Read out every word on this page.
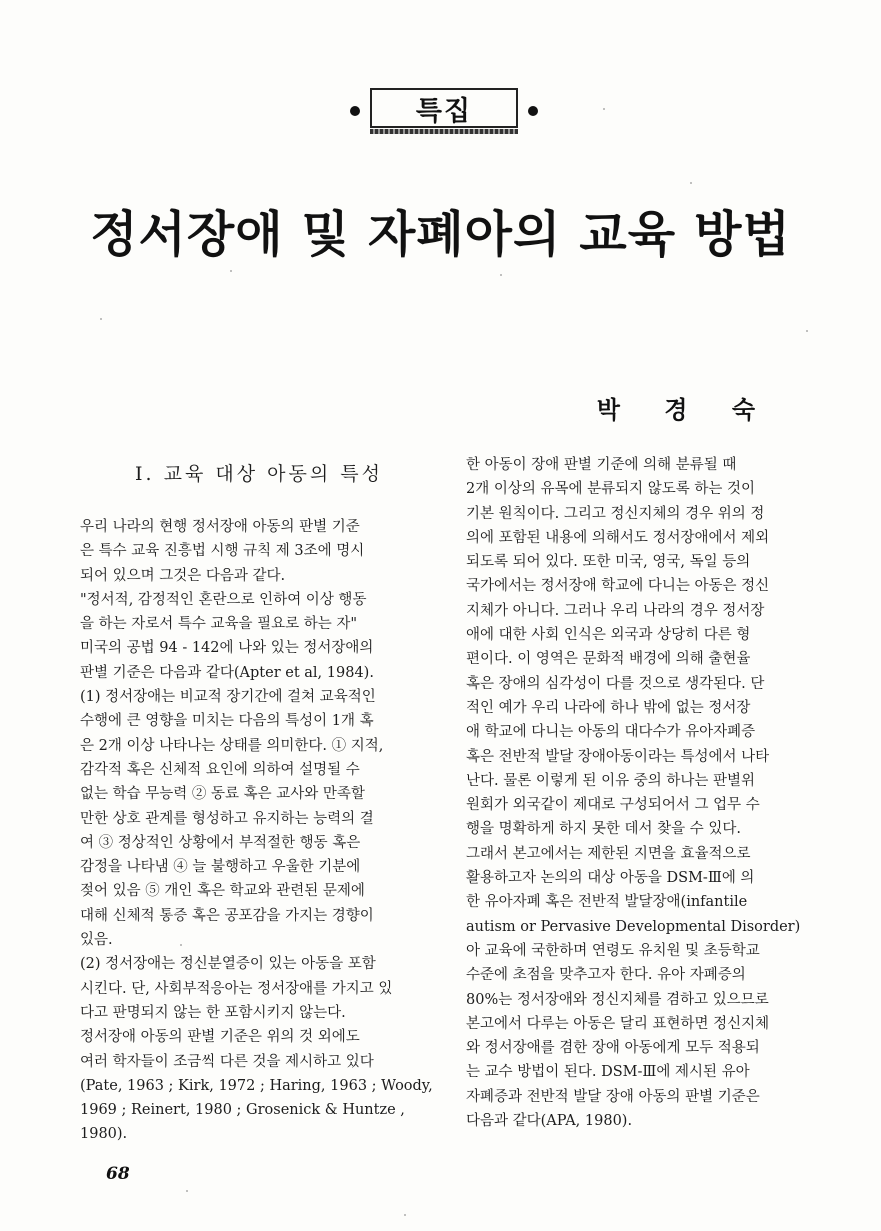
특집
정서장애 및 자폐아의 교육 방법
박 경 숙
Ⅰ. 교육 대상 아동의 특성
우리 나라의 현행 정서장애 아동의 판별 기준
은 특수 교육 진흥법 시행 규칙 제 3조에 명시
되어 있으며 그것은 다음과 같다.
"정서적, 감정적인 혼란으로 인하여 이상 행동
을 하는 자로서 특수 교육을 필요로 하는 자"
미국의 공법 94 - 142에 나와 있는 정서장애의
판별 기준은 다음과 같다(Apter et al, 1984).
(1) 정서장애는 비교적 장기간에 걸쳐 교육적인
수행에 큰 영향을 미치는 다음의 특성이 1개 혹
은 2개 이상 나타나는 상태를 의미한다. ① 지적,
감각적 혹은 신체적 요인에 의하여 설명될 수
없는 학습 무능력 ② 동료 혹은 교사와 만족할
만한 상호 관계를 형성하고 유지하는 능력의 결
여 ③ 정상적인 상황에서 부적절한 행동 혹은
감정을 나타냄 ④ 늘 불행하고 우울한 기분에
젖어 있음 ⑤ 개인 혹은 학교와 관련된 문제에
대해 신체적 통증 혹은 공포감을 가지는 경향이
있음.
(2) 정서장애는 정신분열증이 있는 아동을 포함
시킨다. 단, 사회부적응아는 정서장애를 가지고 있
다고 판명되지 않는 한 포함시키지 않는다.
정서장애 아동의 판별 기준은 위의 것 외에도
여러 학자들이 조금씩 다른 것을 제시하고 있다
(Pate, 1963 ; Kirk, 1972 ; Haring, 1963 ; Woody,
1969 ; Reinert, 1980 ; Grosenick & Huntze ,
1980).
한 아동이 장애 판별 기준에 의해 분류될 때
2개 이상의 유목에 분류되지 않도록 하는 것이
기본 원칙이다. 그리고 정신지체의 경우 위의 정
의에 포함된 내용에 의해서도 정서장애에서 제외
되도록 되어 있다. 또한 미국, 영국, 독일 등의
국가에서는 정서장애 학교에 다니는 아동은 정신
지체가 아니다. 그러나 우리 나라의 경우 정서장
애에 대한 사회 인식은 외국과 상당히 다른 형
편이다. 이 영역은 문화적 배경에 의해 출현율
혹은 장애의 심각성이 다를 것으로 생각된다. 단
적인 예가 우리 나라에 하나 밖에 없는 정서장
애 학교에 다니는 아동의 대다수가 유아자폐증
혹은 전반적 발달 장애아동이라는 특성에서 나타
난다. 물론 이렇게 된 이유 중의 하나는 판별위
원회가 외국같이 제대로 구성되어서 그 업무 수
행을 명확하게 하지 못한 데서 찾을 수 있다.
그래서 본고에서는 제한된 지면을 효율적으로
활용하고자 논의의 대상 아동을 DSM-Ⅲ에 의
한 유아자폐 혹은 전반적 발달장애(infantile
autism or Pervasive Developmental Disorder)
아 교육에 국한하며 연령도 유치원 및 초등학교
수준에 초점을 맞추고자 한다. 유아 자폐증의
80%는 정서장애와 정신지체를 겸하고 있으므로
본고에서 다루는 아동은 달리 표현하면 정신지체
와 정서장애를 겸한 장애 아동에게 모두 적용되
는 교수 방법이 된다. DSM-Ⅲ에 제시된 유아
자폐증과 전반적 발달 장애 아동의 판별 기준은
다음과 같다(APA, 1980).
68
